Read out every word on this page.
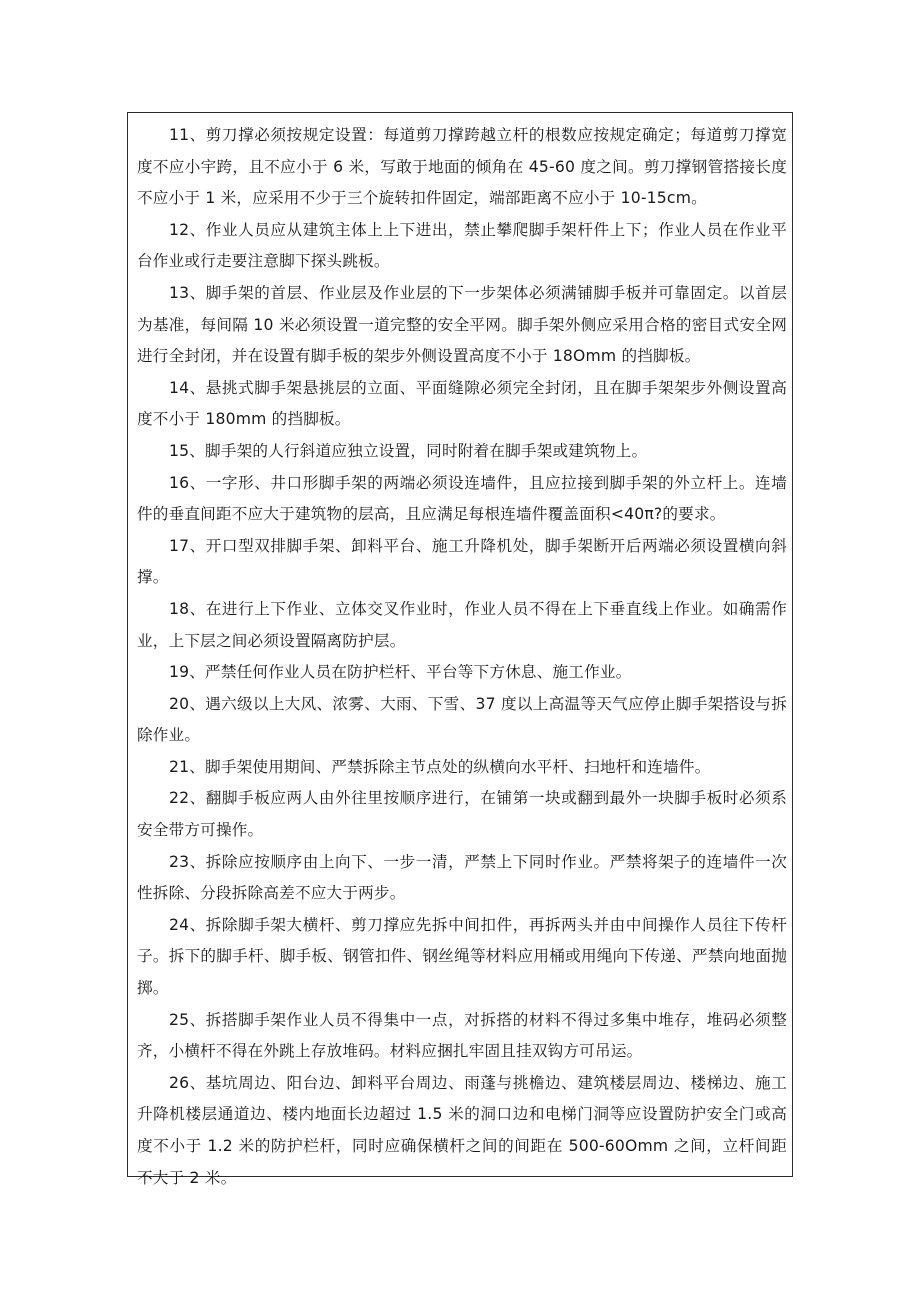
11、剪刀撑必须按规定设置：每道剪刀撑跨越立杆的根数应按规定确定；每道剪刀撑宽度不应小宇跨，且不应小于 6 米，写敢于地面的倾角在 45-60 度之间。剪刀撑钢管搭接长度不应小于 1 米，应采用不少于三个旋转扣件固定，端部距离不应小于 10-15cm。

12、作业人员应从建筑主体上上下进出，禁止攀爬脚手架杆件上下；作业人员在作业平台作业或行走要注意脚下探头跳板。

13、脚手架的首层、作业层及作业层的下一步架体必须满铺脚手板并可靠固定。以首层为基准，每间隔 10 米必须设置一道完整的安全平网。脚手架外侧应采用合格的密目式安全网进行全封闭，并在设置有脚手板的架步外侧设置高度不小于 18Omm 的挡脚板。

14、悬挑式脚手架悬挑层的立面、平面缝隙必须完全封闭，且在脚手架架步外侧设置高度不小于 180mm 的挡脚板。

15、脚手架的人行斜道应独立设置，同时附着在脚手架或建筑物上。

16、一字形、井口形脚手架的两端必须设连墙件，且应拉接到脚手架的外立杆上。连墙件的垂直间距不应大于建筑物的层高，且应满足每根连墙件覆盖面积<40π?的要求。

17、开口型双排脚手架、卸料平台、施工升降机处，脚手架断开后两端必须设置横向斜撑。

18、在进行上下作业、立体交叉作业时，作业人员不得在上下垂直线上作业。如确需作业，上下层之间必须设置隔离防护层。

19、严禁任何作业人员在防护栏杆、平台等下方休息、施工作业。

20、遇六级以上大风、浓雾、大雨、下雪、37 度以上高温等天气应停止脚手架搭设与拆除作业。

21、脚手架使用期间、严禁拆除主节点处的纵横向水平杆、扫地杆和连墙件。

22、翻脚手板应两人由外往里按顺序进行，在铺第一块或翻到最外一块脚手板时必须系安全带方可操作。

23、拆除应按顺序由上向下、一步一清，严禁上下同时作业。严禁将架子的连墙件一次性拆除、分段拆除高差不应大于两步。

24、拆除脚手架大横杆、剪刀撑应先拆中间扣件，再拆两头并由中间操作人员往下传杆子。拆下的脚手杆、脚手板、钢管扣件、钢丝绳等材料应用桶或用绳向下传递、严禁向地面抛掷。

25、拆搭脚手架作业人员不得集中一点，对拆搭的材料不得过多集中堆存，堆码必须整齐，小横杆不得在外跳上存放堆码。材料应捆扎牢固且挂双钩方可吊运。

26、基坑周边、阳台边、卸料平台周边、雨蓬与挑檐边、建筑楼层周边、楼梯边、施工升降机楼层通道边、楼内地面长边超过 1.5 米的洞口边和电梯门洞等应设置防护安全门或高度不小于 1.2 米的防护栏杆，同时应确保横杆之间的间距在 500-60Omm 之间，立杆间距不大于 2 米。
